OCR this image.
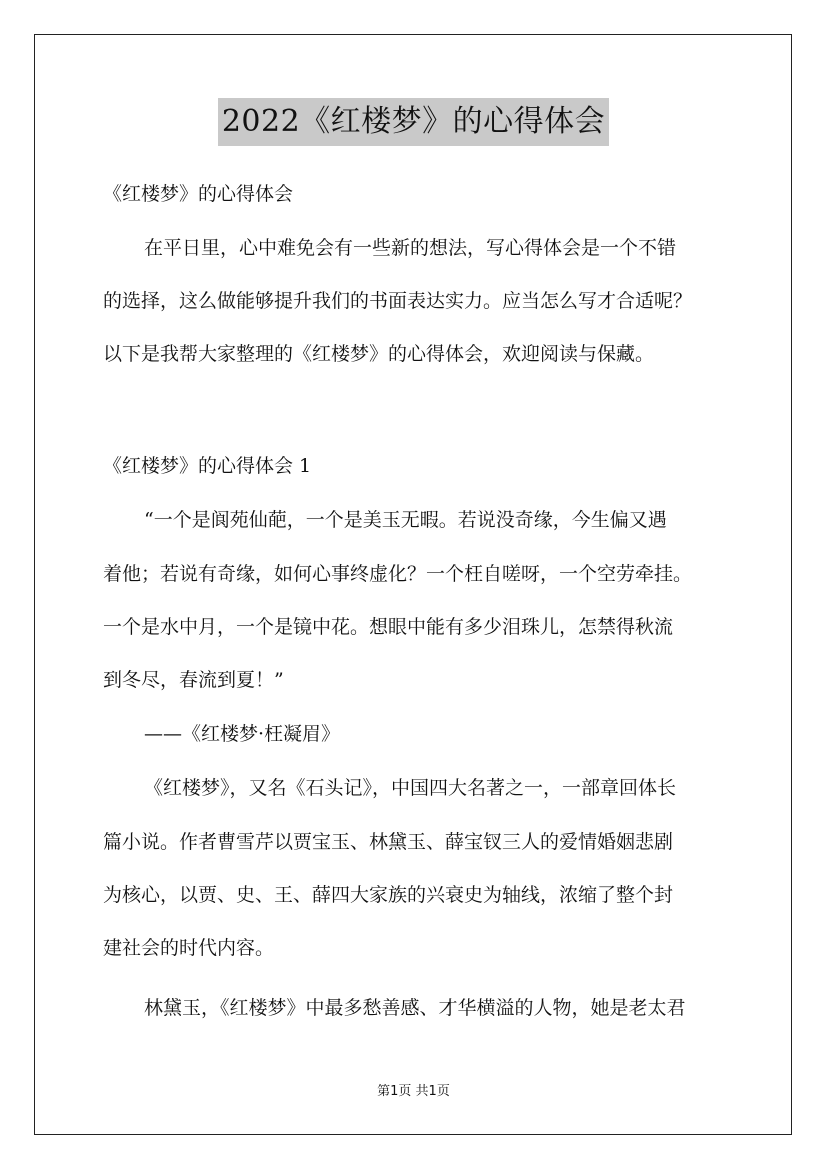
2022《红楼梦》的心得体会
《红楼梦》的心得体会
在平日里，心中难免会有一些新的想法，写心得体会是一个不错
的选择，这么做能够提升我们的书面表达实力。应当怎么写才合适呢？
以下是我帮大家整理的《红楼梦》的心得体会，欢迎阅读与保藏。
《红楼梦》的心得体会 1
“一个是阆苑仙葩，一个是美玉无暇。若说没奇缘，今生偏又遇
着他；若说有奇缘，如何心事终虚化？一个枉自嗟呀，一个空劳牵挂。
一个是水中月，一个是镜中花。想眼中能有多少泪珠儿，怎禁得秋流
到冬尽，春流到夏！”
——《红楼梦·枉凝眉》
《红楼梦》，又名《石头记》，中国四大名著之一，一部章回体长
篇小说。作者曹雪芹以贾宝玉、林黛玉、薛宝钗三人的爱情婚姻悲剧
为核心，以贾、史、王、薛四大家族的兴衰史为轴线，浓缩了整个封
建社会的时代内容。
林黛玉，《红楼梦》中最多愁善感、才华横溢的人物，她是老太君
第1页 共1页
